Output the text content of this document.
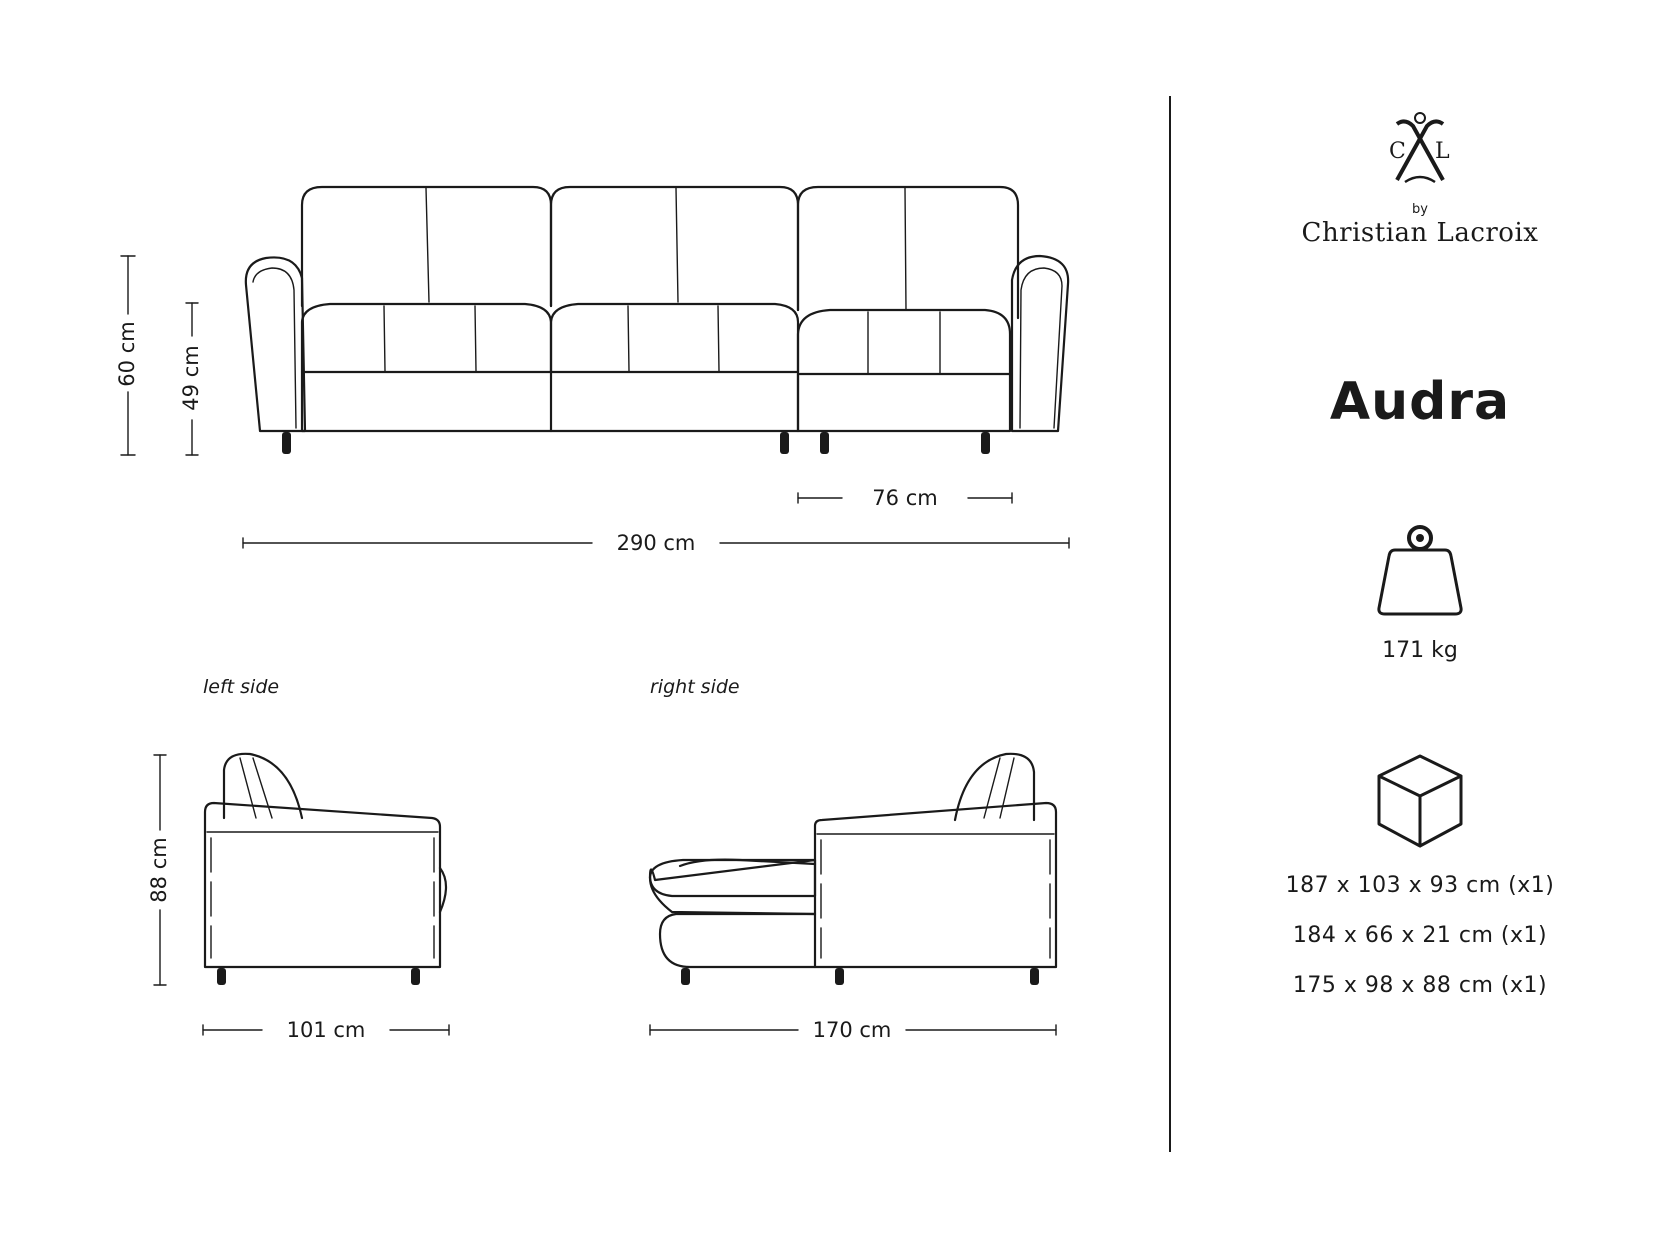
60 cm 49 cm
76 cm
290 cm
left side
88 cm
101 cm
right side
170 cm
C L
by
Christian Lacroix
Audra
171 kg
187 x 103 x 93 cm (x1)
184 x 66 x 21 cm (x1)
175 x 98 x 88 cm (x1)
